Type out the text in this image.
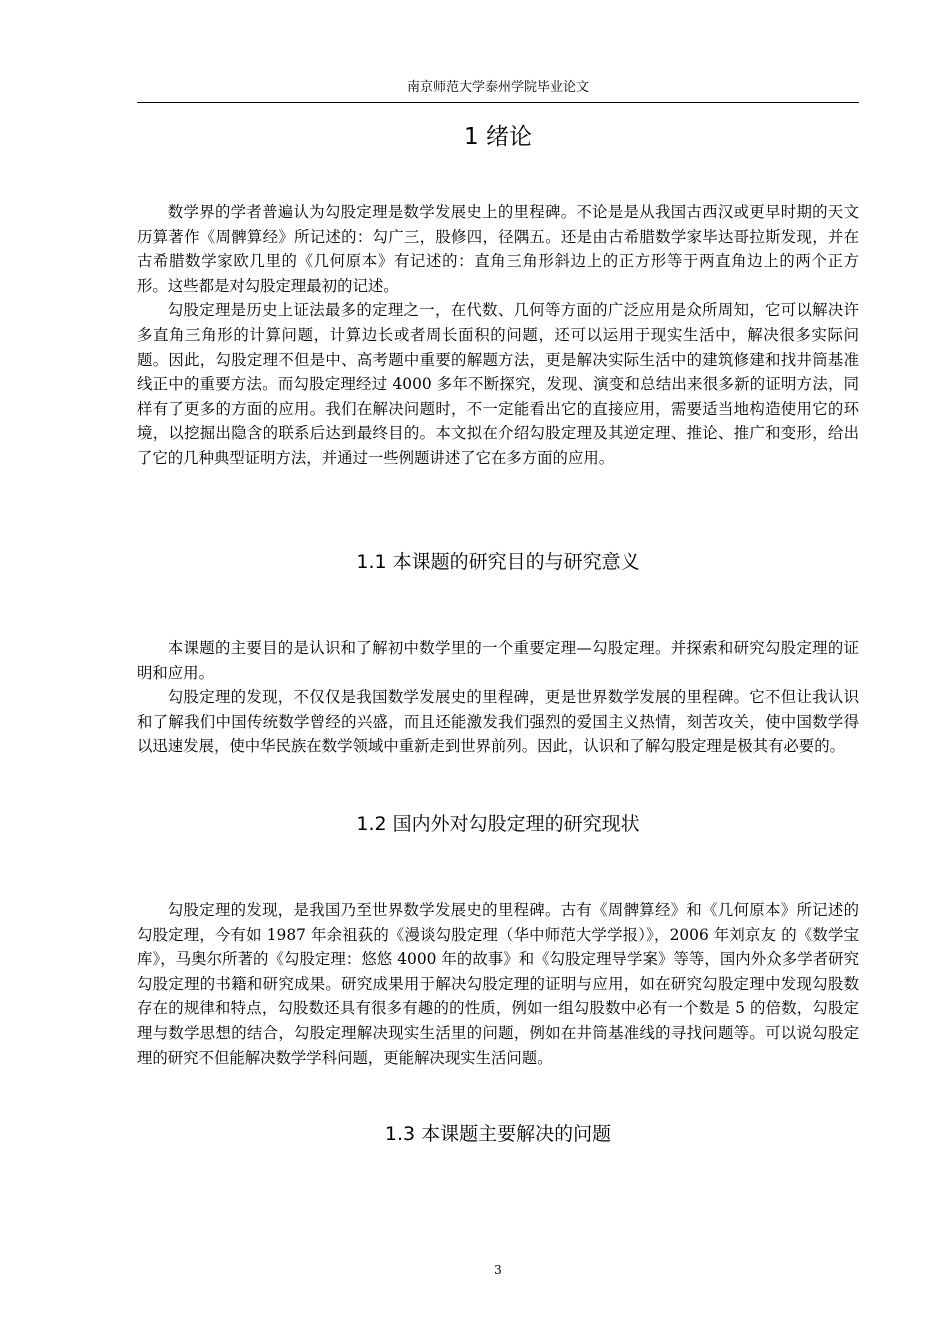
南京师范大学泰州学院毕业论文
1 绪论

数学界的学者普遍认为勾股定理是数学发展史上的里程碑。不论是是从我国古西汉或更早时期的天文历算著作《周髀算经》所记述的：勾广三，股修四，径隅五。还是由古希腊数学家毕达哥拉斯发现，并在古希腊数学家欧几里的《几何原本》有记述的：直角三角形斜边上的正方形等于两直角边上的两个正方形。这些都是对勾股定理最初的记述。

勾股定理是历史上证法最多的定理之一，在代数、几何等方面的广泛应用是众所周知，它可以解决许多直角三角形的计算问题，计算边长或者周长面积的问题，还可以运用于现实生活中，解决很多实际问题。因此，勾股定理不但是中、高考题中重要的解题方法，更是解决实际生活中的建筑修建和找井筒基准线正中的重要方法。而勾股定理经过 4000 多年不断探究，发现、演变和总结出来很多新的证明方法，同样有了更多的方面的应用。我们在解决问题时，不一定能看出它的直接应用，需要适当地构造使用它的环境，以挖掘出隐含的联系后达到最终目的。本文拟在介绍勾股定理及其逆定理、推论、推广和变形，给出了它的几种典型证明方法，并通过一些例题讲述了它在多方面的应用。

1.1 本课题的研究目的与研究意义

本课题的主要目的是认识和了解初中数学里的一个重要定理—勾股定理。并探索和研究勾股定理的证明和应用。

勾股定理的发现，不仅仅是我国数学发展史的里程碑，更是世界数学发展的里程碑。它不但让我认识和了解我们中国传统数学曾经的兴盛，而且还能激发我们强烈的爱国主义热情，刻苦攻关，使中国数学得以迅速发展，使中华民族在数学领域中重新走到世界前列。因此，认识和了解勾股定理是极其有必要的。

1.2 国内外对勾股定理的研究现状

勾股定理的发现，是我国乃至世界数学发展史的里程碑。古有《周髀算经》和《几何原本》所记述的勾股定理，今有如 1987 年余祖荻的《漫谈勾股定理（华中师范大学学报）》，2006 年刘京友 的《数学宝库》，马奥尔所著的《勾股定理：悠悠 4000 年的故事》和《勾股定理导学案》等等，国内外众多学者研究勾股定理的书籍和研究成果。研究成果用于解决勾股定理的证明与应用，如在研究勾股定理中发现勾股数存在的规律和特点，勾股数还具有很多有趣的的性质，例如一组勾股数中必有一个数是 5 的倍数，勾股定理与数学思想的结合，勾股定理解决现实生活里的问题，例如在井筒基准线的寻找问题等。可以说勾股定理的研究不但能解决数学学科问题，更能解决现实生活问题。

1.3 本课题主要解决的问题
3
